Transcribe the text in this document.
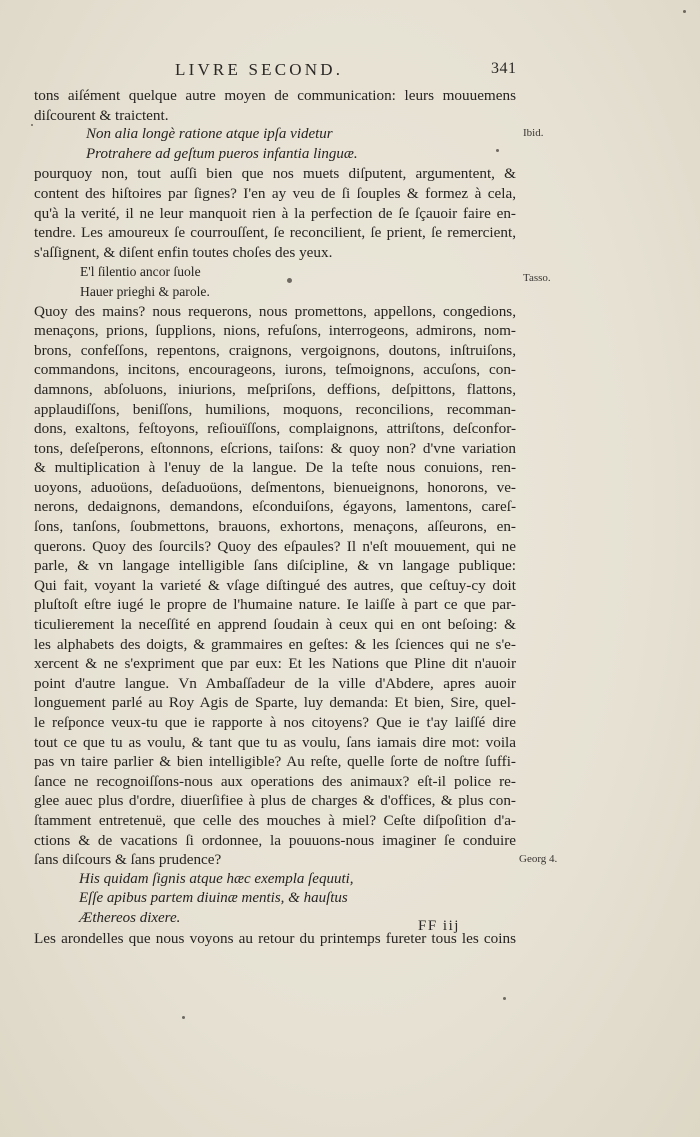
LIVRE SECOND.	341
tons aiſément quelque autre moyen de communication: leurs mouuemens
diſcourent & traictent.
Non alia longè ratione atque ipſa videtur
Protrahere ad geſtum pueros infantia linguæ.
pourquoy non, tout auſſi bien que nos muets diſputent, argumentent, &
content des hiſtoires par ſignes? I'en ay veu de ſi ſouples & formez à cela,
qu'à la verité, il ne leur manquoit rien à la perfection de ſe ſçauoir faire en-
tendre. Les amoureux ſe courrouſſent, ſe reconcilient, ſe prient, ſe remercient,
s'aſſignent, & diſent enfin toutes choſes des yeux.
E'l ſilentio ancor ſuole
Hauer prieghi & parole.
Quoy des mains? nous requerons, nous promettons, appellons, congedions,
menaçons, prions, ſupplions, nions, refuſons, interrogeons, admirons, nom-
brons, confeſſons, repentons, craignons, vergoignons, doutons, inſtruiſons,
commandons, incitons, encourageons, iurons, teſmoignons, accuſons, con-
damnons, abſoluons, iniurions, meſpriſons, deffions, deſpittons, flattons,
applaudiſſons, beniſſons, humilions, moquons, reconcilions, recomman-
dons, exaltons, feſtoyons, reſiouïſſons, complaignons, attriſtons, deſconfor-
tons, deſeſperons, eſtonnons, eſcrions, taiſons: & quoy non? d'vne variation
& multiplication à l'enuy de la langue. De la teſte nous conuions, ren-
uoyons, aduoüons, deſaduoüons, deſmentons, bienueignons, honorons, ve-
nerons, dedaignons, demandons, eſconduiſons, égayons, lamentons, careſ-
ſons, tanſons, ſoubmettons, brauons, exhortons, menaçons, aſſeurons, en-
querons. Quoy des ſourcils? Quoy des eſpaules? Il n'eſt mouuement, qui ne
parle, & vn langage intelligible ſans diſcipline, & vn langage publique:
Qui fait, voyant la varieté & vſage diſtingué des autres, que ceſtuy-cy doit
pluſtoſt eſtre iugé le propre de l'humaine nature. Ie laiſſe à part ce que par-
ticulierement la neceſſité en apprend ſoudain à ceux qui en ont beſoing: &
les alphabets des doigts, & grammaires en geſtes: & les ſciences qui ne s'e-
xercent & ne s'expriment que par eux: Et les Nations que Pline dit n'auoir
point d'autre langue. Vn Ambaſſadeur de la ville d'Abdere, apres auoir
longuement parlé au Roy Agis de Sparte, luy demanda: Et bien, Sire, quel-
le reſponce veux-tu que ie rapporte à nos citoyens? Que ie t'ay laiſſé dire
tout ce que tu as voulu, & tant que tu as voulu, ſans iamais dire mot: voila
pas vn taire parlier & bien intelligible? Au reſte, quelle ſorte de noſtre ſuffi-
ſance ne recognoiſſons-nous aux operations des animaux? eſt-il police re-
glee auec plus d'ordre, diuerſifiee à plus de charges & d'offices, & plus con-
ſtamment entretenuë, que celle des mouches à miel? Ceſte diſpoſition d'a-
ctions & de vacations ſi ordonnee, la pouuons-nous imaginer ſe conduire
ſans diſcours & ſans prudence?
His quidam ſignis atque hæc exempla ſequuti,
Eſſe apibus partem diuinæ mentis, & hauſtus
Æthereos dixere.
Les arondelles que nous voyons au retour du printemps fureter tous les coins
Ibid.
Tasso.
Georg 4.
FF iij
